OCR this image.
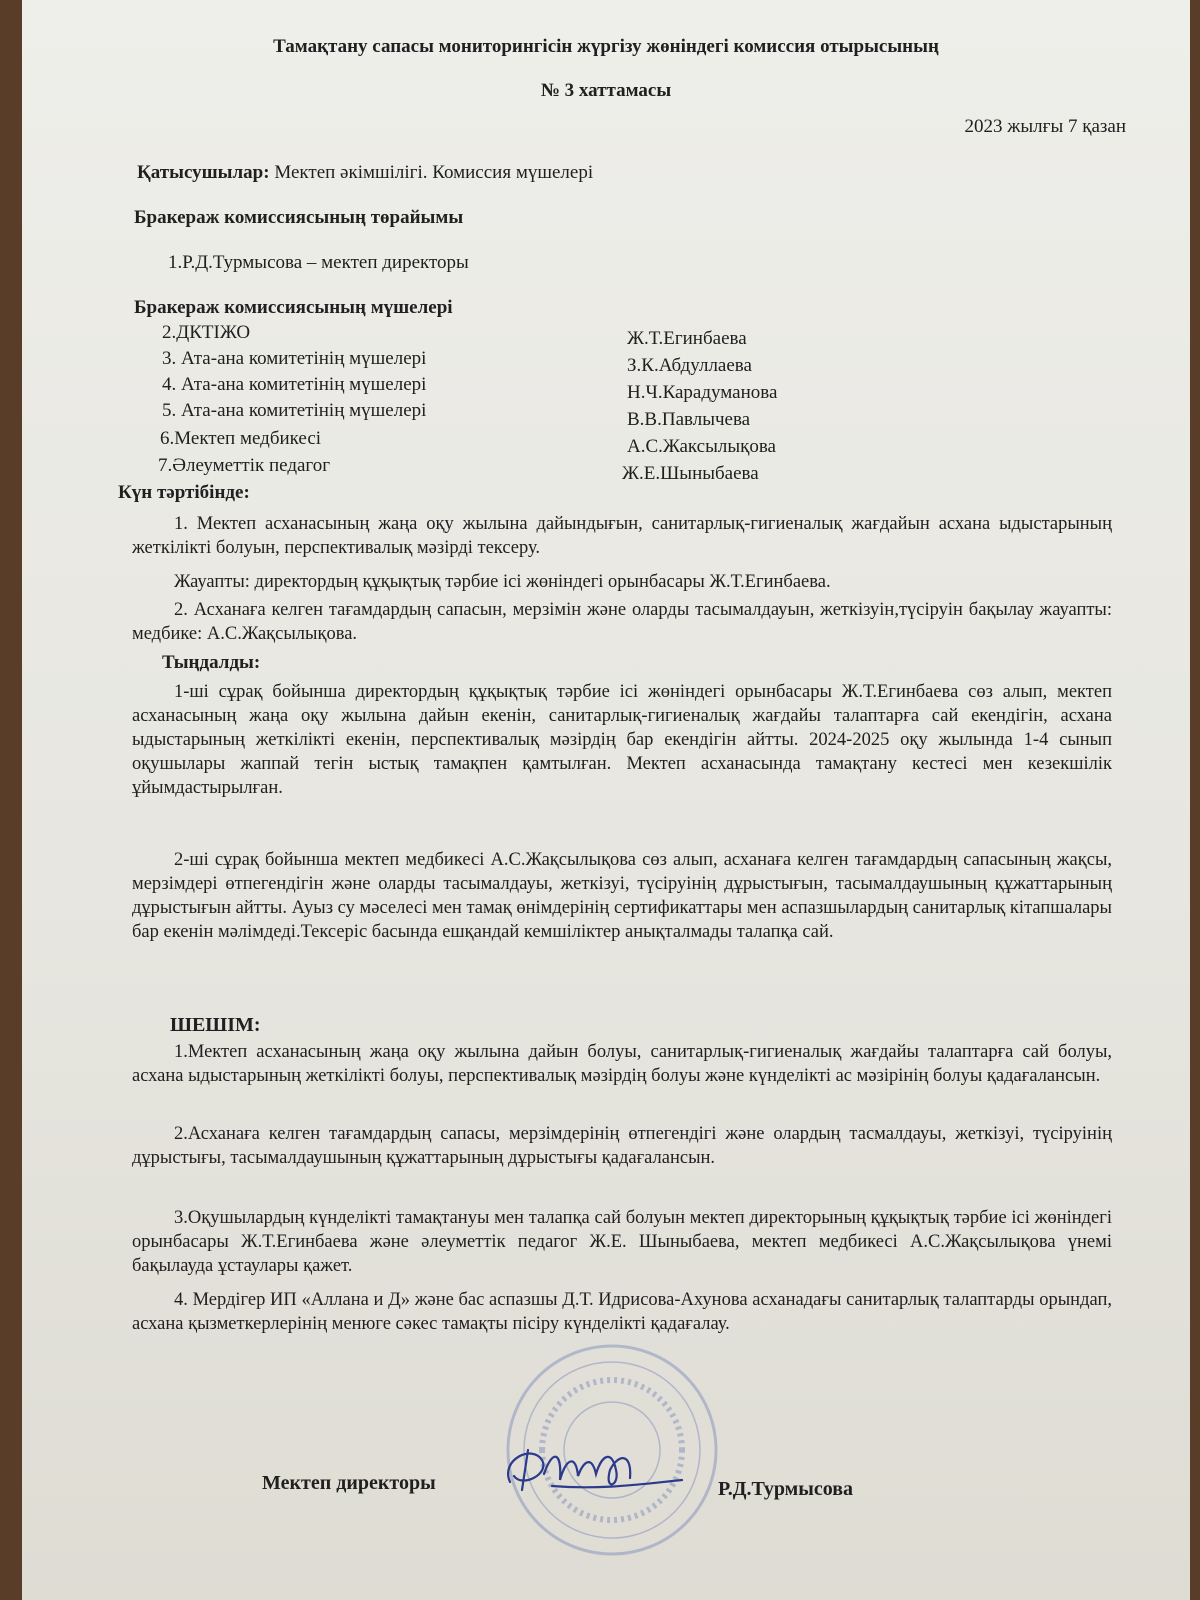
Тамақтану сапасы мониторингісін жүргізу жөніндегі комиссия отырысының
№ 3 хаттамасы
2023 жылғы 7 қазан
Қатысушылар: Мектеп әкімшілігі. Комиссия мүшелері
Бракераж комиссиясының төрайымы
1.Р.Д.Турмысова – мектеп директоры
Бракераж комиссиясының мүшелері
2.ДКТІЖО	Ж.Т.Егинбаева
3. Ата-ана комитетінің мүшелері	З.К.Абдуллаева
4. Ата-ана комитетінің мүшелері	Н.Ч.Карадуманова
5. Ата-ана комитетінің мүшелері	В.В.Павлычева
6.Мектеп медбикесі	А.С.Жаксылықова
7.Әлеуметтік педагог	Ж.Е.Шыныбаева
Күн тәртібінде:
1. Мектеп асханасының жаңа оқу жылына дайындығын, санитарлық-гигиеналық жағдайын асхана ыдыстарының жеткілікті болуын, перспективалық мәзірді тексеру.
Жауапты: директордың құқықтық тәрбие ісі жөніндегі орынбасары Ж.Т.Егинбаева.
2. Асханаға келген тағамдардың сапасын, мерзімін және оларды тасымалдауын, жеткізуін,түсіруін бақылау жауапты: медбике: А.С.Жақсылықова.
Тыңдалды:
1-ші сұрақ бойынша директордың құқықтық тәрбие ісі жөніндегі орынбасары Ж.Т.Егинбаева сөз алып, мектеп асханасының жаңа оқу жылына дайын екенін, санитарлық-гигиеналық жағдайы талаптарға сай екендігін, асхана ыдыстарының жеткілікті екенін, перспективалық мәзірдің бар екендігін айтты. 2024-2025 оқу жылында 1-4 сынып оқушылары жаппай тегін ыстық тамақпен қамтылған. Мектеп асханасында тамақтану кестесі мен кезекшілік ұйымдастырылған.
2-ші сұрақ бойынша мектеп медбикесі А.С.Жақсылықова сөз алып, асханаға келген тағамдардың сапасының жақсы, мерзімдері өтпегендігін және оларды тасымалдауы, жеткізуі, түсіруінің дұрыстығын, тасымалдаушының құжаттарының дұрыстығын айтты. Ауыз су мәселесі мен тамақ өнімдерінің сертификаттары мен аспазшылардың санитарлық кітапшалары бар екенін мәлімдеді.Тексеріс басында ешқандай кемшіліктер анықталмады талапқа сай.
ШЕШІМ:
1.Мектеп асханасының жаңа оқу жылына дайын болуы, санитарлық-гигиеналық жағдайы талаптарға сай болуы, асхана ыдыстарының жеткілікті болуы, перспективалық мәзірдің болуы және күнделікті ас мәзірінің болуы қадағалансын.
2.Асханаға келген тағамдардың сапасы, мерзімдерінің өтпегендігі және олардың тасмалдауы, жеткізуі, түсіруінің дұрыстығы, тасымалдаушының құжаттарының дұрыстығы қадағалансын.
3.Оқушылардың күнделікті тамақтануы мен талапқа сай болуын мектеп директорының құқықтық тәрбие ісі жөніндегі орынбасары Ж.Т.Егинбаева және әлеуметтік педагог Ж.Е. Шыныбаева, мектеп медбикесі А.С.Жақсылықова үнемі бақылауда ұстаулары қажет.
4. Мердігер ИП «Аллана и Д» және бас аспазшы Д.Т. Идрисова-Ахунова асханадағы санитарлық талаптарды орындап, асхана қызметкерлерінің менюге сәкес тамақты пісіру күнделікті қадағалау.
Мектеп директоры	Р.Д.Турмысова
